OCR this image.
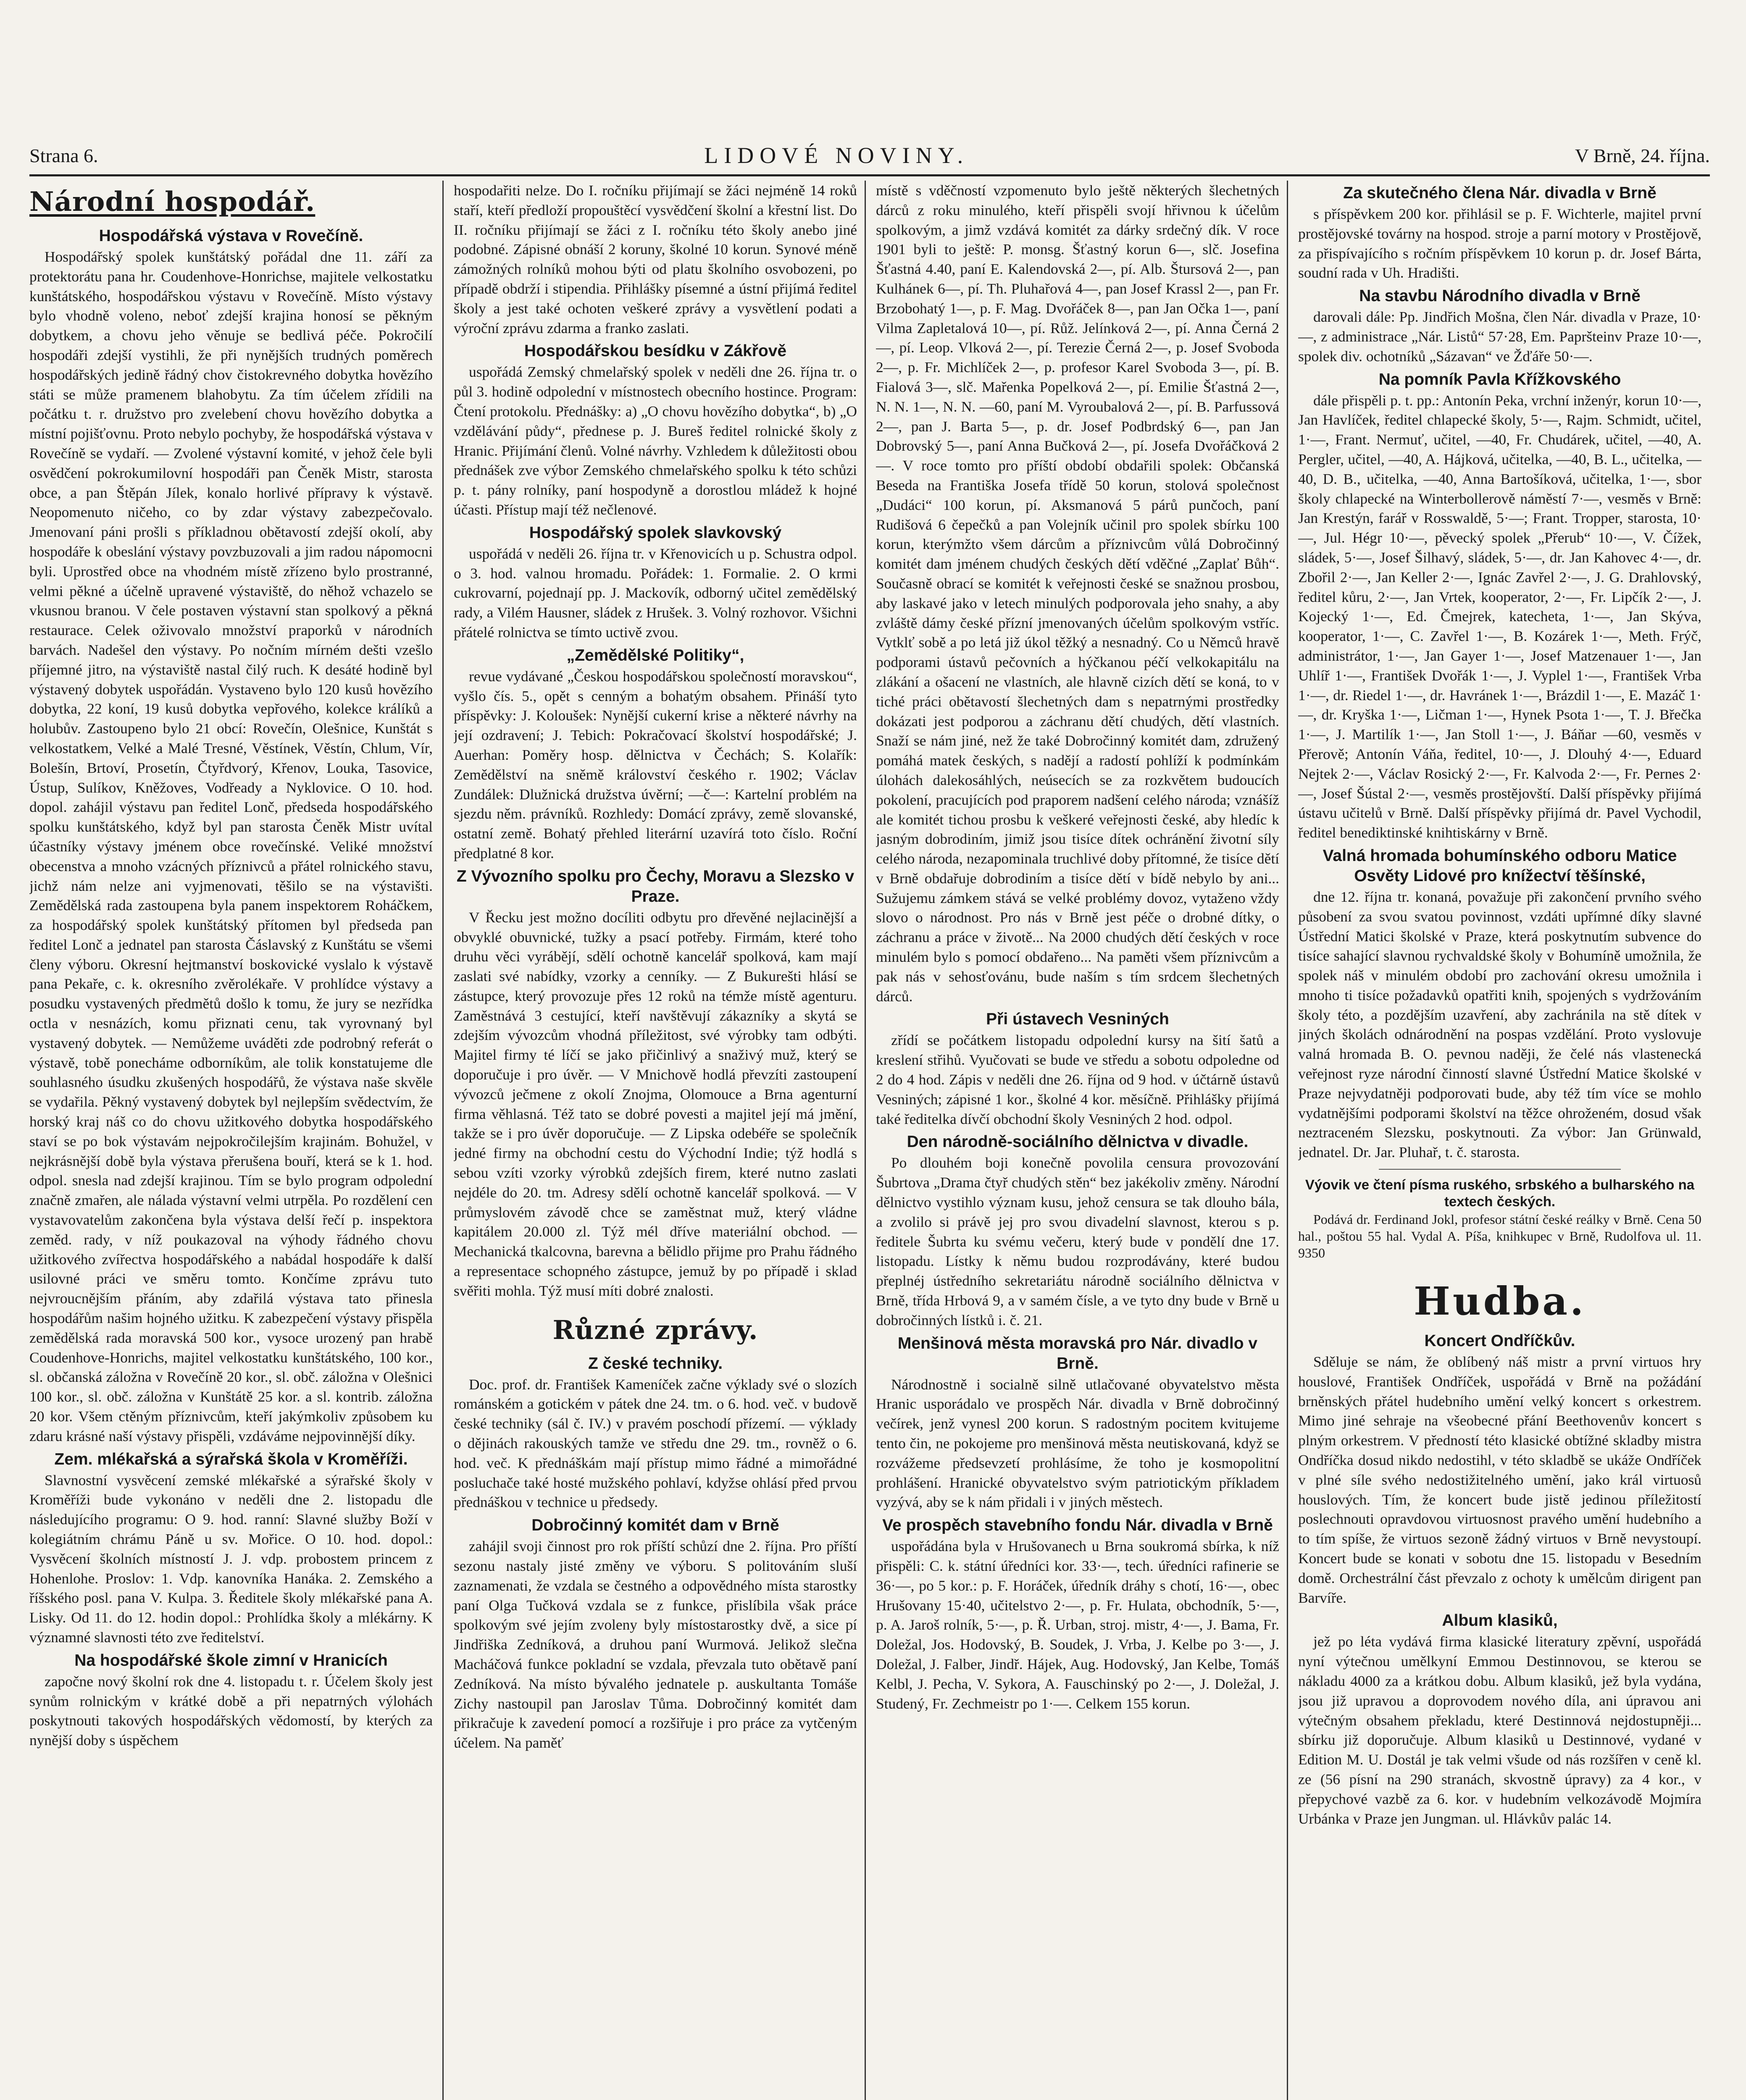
Strana 6.	LIDOVÉ NOVINY.	V Brně, 24. října.
Národní hospodář.
Hospodářská výstava v Rovečíně.

Hospodářský spolek kunštátský pořádal dne 11. září za protektorátu pana hr. Coudenhove-Honrichse, majitele velkostatku kunštátského, hospodářskou výstavu v Rovečíně. Místo výstavy bylo vhodně voleno, neboť zdejší krajina honosí se pěkným dobytkem, a chovu jeho věnuje se bedlivá péče. Pokročilí hospodáři zdejší vystihli, že při nynějších trudných poměrech hospodářských jedině řádný chov čistokrevného dobytka hovězího státi se může pramenem blahobytu. Za tím účelem zřídili na počátku t. r. družstvo pro zvelebení chovu hovězího dobytka a místní pojišťovnu. Proto nebylo pochyby, že hospodářská výstava v Rovečíně se vydaří. — Zvolené výstavní komité, v jehož čele byli osvědčení pokrokumilovní hospodáři pan Čeněk Mistr, starosta obce, a pan Štěpán Jílek, konalo horlivé přípravy k výstavě. Neopomenuto ničeho, co by zdar výstavy zabezpečovalo. Jmenovaní páni prošli s příkladnou obětavostí zdejší okolí, aby hospodáře k obeslání výstavy povzbuzovali a jim radou nápomocni byli. Uprostřed obce na vhodném místě zřízeno bylo prostranné, velmi pěkné a účelně upravené výstaviště, do něhož vchazelo se vkusnou branou. V čele postaven výstavní stan spolkový a pěkná restaurace. Celek oživovalo množství praporků v národních barvách. Nadešel den výstavy. Po nočním mírném dešti vzešlo příjemné jitro, na výstaviště nastal čilý ruch. K desáté hodině byl výstavený dobytek uspořádán. Vystaveno bylo 120 kusů hovězího dobytka, 22 koní, 19 kusů dobytka vepřového, kolekce králíků a holubův. Zastoupeno bylo 21 obcí: Rovečín, Olešnice, Kunštát s velkostatkem, Velké a Malé Tresné, Věstínek, Věstín, Chlum, Vír, Bolešín, Brtoví, Prosetín, Čtyřdvorý, Křenov, Louka, Tasovice, Ústup, Sulíkov, Kněžoves, Vodřeady a Nyklovice. O 10. hod. dopol. zahájil výstavu pan ředitel Lonč, předseda hospodářského spolku kunštátského, když byl pan starosta Čeněk Mistr uvítal účastníky výstavy jménem obce rovečínské. Veliké množství obecenstva a mnoho vzácných příznivců a přátel rolnického stavu, jichž nám nelze ani vyjmenovati, těšilo se na výstavišti. Zemědělská rada zastoupena byla panem inspektorem Roháčkem, za hospodářský spolek kunštátský přítomen byl předseda pan ředitel Lonč a jednatel pan starosta Čáslavský z Kunštátu se všemi členy výboru. Okresní hejtmanství boskovické vyslalo k výstavě pana Pekaře, c. k. okresního zvěrolékaře. V prohlídce výstavy a posudku vystavených předmětů došlo k tomu, že jury se nezřídka octla v nesnázích, komu přiznati cenu, tak vyrovnaný byl vystavený dobytek. — Nemůžeme uváděti zde podrobný referát o výstavě, tobě ponecháme odborníkům, ale tolik konstatujeme dle souhlasného úsudku zkušených hospodářů, že výstava naše skvěle se vydařila. Pěkný vystavený dobytek byl nejlepším svědectvím, že horský kraj náš co do chovu užitkového dobytka hospodářského staví se po bok výstavám nejpokročilejším krajinám. Bohužel, v nejkrásnější době byla výstava přerušena bouří, která se k 1. hod. odpol. snesla nad zdejší krajinou. Tím se bylo program odpolední značně zmařen, ale nálada výstavní velmi utrpěla. Po rozdělení cen vystavovatelům zakončena byla výstava delší řečí p. inspektora zeměd. rady, v níž poukazoval na výhody řádného chovu užitkového zvířectva hospodářského a nabádal hospodáře k další usilovné práci ve směru tomto. Končíme zprávu tuto nejvroucnějším přáním, aby zdařilá výstava tato přinesla hospodářům našim hojného užitku. K zabezpečení výstavy přispěla zemědělská rada moravská 500 kor., vysoce urozený pan hrabě Coudenhove-Honrichs, majitel velkostatku kunštátského, 100 kor., sl. občanská záložna v Rovečíně 20 kor., sl. obč. záložna v Olešnici 100 kor., sl. obč. záložna v Kunštátě 25 kor. a sl. kontrib. záložna 20 kor. Všem ctěným příznivcům, kteří jakýmkoliv způsobem ku zdaru krásné naší výstavy přispěli, vzdáváme nejpovinnější díky.

Zem. mlékařská a sýrařská škola v Kroměříži.

Slavnostní vysvěcení zemské mlékařské a sýrařské školy v Kroměříži bude vykonáno v neděli dne 2. listopadu dle následujícího programu: O 9. hod. ranní: Slavné služby Boží v kolegiátním chrámu Páně u sv. Mořice. O 10. hod. dopol.: Vysvěcení školních místností J. J. vdp. probostem princem z Hohenlohe. Proslov: 1. Vdp. kanovníka Hanáka. 2. Zemského a říšského posl. pana V. Kulpa. 3. Ředitele školy mlékařské pana A. Lisky. Od 11. do 12. hodin dopol.: Prohlídka školy a mlékárny. K významné slavnosti této zve ředitelství.

Na hospodářské škole zimní v Hranicích

započne nový školní rok dne 4. listopadu t. r. Účelem školy jest synům rolnickým v krátké době a při nepatrných výlohách poskytnouti takových hospodářských vědomostí, by kterých za nynější doby s úspěchem

hospodařiti nelze. Do I. ročníku přijímají se žáci nejméně 14 roků staří, kteří předloží propouštěcí vysvědčení školní a křestní list. Do II. ročníku přijímají se žáci z I. ročníku této školy anebo jiné podobné. Zápisné obnáší 2 koruny, školné 10 korun. Synové méně zámožných rolníků mohou býti od platu školního osvobozeni, po případě obdrží i stipendia. Přihlášky písemné a ústní přijímá ředitel školy a jest také ochoten veškeré zprávy a vysvětlení podati a výroční zprávu zdarma a franko zaslati.

Hospodářskou besídku v Zákřově

uspořádá Zemský chmelařský spolek v neděli dne 26. října tr. o půl 3. hodině odpolední v místnostech obecního hostince. Program: Čtení protokolu. Přednášky: a) „O chovu hovězího dobytka“, b) „O vzdělávání půdy“, přednese p. J. Bureš ředitel rolnické školy z Hranic. Přijímání členů. Volné návrhy. Vzhledem k důležitosti obou přednášek zve výbor Zemského chmelařského spolku k této schůzi p. t. pány rolníky, paní hospodyně a dorostlou mládež k hojné účasti. Přístup mají též nečlenové.

Hospodářský spolek slavkovský

uspořádá v neděli 26. října tr. v Křenovicích u p. Schustra odpol. o 3. hod. valnou hromadu. Pořádek: 1. Formalie. 2. O krmi cukrovarní, pojednají pp. J. Mackovík, odborný učitel zemědělský rady, a Vilém Hausner, sládek z Hrušek. 3. Volný rozhovor. Všichni přátelé rolnictva se tímto uctivě zvou.

„Zemědělské Politiky“,

revue vydávané „Českou hospodářskou společností moravskou“, vyšlo čís. 5., opět s cenným a bohatým obsahem. Přináší tyto příspěvky: J. Koloušek: Nynější cukerní krise a některé návrhy na její ozdravení; J. Tebich: Pokračovací školství hospodářské; J. Auerhan: Poměry hosp. dělnictva v Čechách; S. Kolařík: Zemědělství na sněmě království českého r. 1902; Václav Zundálek: Dlužnická družstva úvěrní; —č—: Kartelní problém na sjezdu něm. právníků. Rozhledy: Domácí zprávy, země slovanské, ostatní země. Bohatý přehled literární uzavírá toto číslo. Roční předplatné 8 kor.

Z Vývozního spolku pro Čechy, Moravu a Slezsko v Praze.

V Řecku jest možno docíliti odbytu pro dřevěné nejlacinější a obvyklé obuvnické, tužky a psací potřeby. Firmám, které toho druhu věci vyrábějí, sdělí ochotně kancelář spolková, kam mají zaslati své nabídky, vzorky a cenníky. — Z Bukurešti hlásí se zástupce, který provozuje přes 12 roků na témže místě agenturu. Zaměstnává 3 cestující, kteří navštěvují zákazníky a skytá se zdejším vývozcům vhodná příležitost, své výrobky tam odbýti. Majitel firmy té líčí se jako přičinlivý a snaživý muž, který se doporučuje i pro úvěr. — V Mnichově hodlá převzíti zastoupení vývozců ječmene z okolí Znojma, Olomouce a Brna agenturní firma věhlasná. Též tato se dobré povesti a majitel její má jmění, takže se i pro úvěr doporučuje. — Z Lipska odebéře se společník jedné firmy na obchodní cestu do Východní Indie; týž hodlá s sebou vzíti vzorky výrobků zdejších firem, které nutno zaslati nejdéle do 20. tm. Adresy sdělí ochotně kancelář spolková. — V průmyslovém závodě chce se zaměstnat muž, který vládne kapitálem 20.000 zl. Týž mél dříve materiální obchod. — Mechanická tkalcovna, barevna a bělidlo přijme pro Prahu řádného a representace schopného zástupce, jemuž by po případě i sklad svěřiti mohla. Týž musí míti dobré znalosti.

Různé zprávy.
Z české techniky.

Doc. prof. dr. František Kameníček začne výklady své o slozích románském a gotickém v pátek dne 24. tm. o 6. hod. več. v budově české techniky (sál č. IV.) v pravém poschodí přízemí. — výklady o dějinách rakouských tamže ve středu dne 29. tm., rovněž o 6. hod. več. K přednáškám mají přístup mimo řádné a mimořádné posluchače také hosté mužského pohlaví, kdyžse ohlásí před prvou přednáškou v technice u předsedy.

Dobročinný komitét dam v Brně

zahájil svoji činnost pro rok příští schůzí dne 2. října. Pro příští sezonu nastaly jisté změny ve výboru. S politováním sluší zaznamenati, že vzdala se čestného a odpovědného místa starostky paní Olga Tučková vzdala se z funkce, přislíbila však práce spolkovým své jejím zvoleny byly místostarostky dvě, a sice pí Jindřiška Zedníková, a druhou paní Wurmová. Jelikož slečna Macháčová funkce pokladní se vzdala, převzala tuto obětavě paní Zedníková. Na místo bývalého jednatele p. auskultanta Tomáše Zichy nastoupil pan Jaroslav Tůma. Dobročinný komitét dam přikračuje k zavedení pomocí a rozšiřuje i pro práce za vytčeným účelem. Na paměť

místě s vděčností vzpomenuto bylo ještě některých šlechetných dárců z roku minulého, kteří přispěli svojí hřivnou k účelům spolkovým, a jimž vzdává komitét za dárky srdečný dík. V roce 1901 byli to ještě: P. monsg. Šťastný korun 6—, slč. Josefina Šťastná 4.40, paní E. Kalendovská 2—, pí. Alb. Štursová 2—, pan Kulhánek 6—, pí. Th. Pluhařová 4—, pan Josef Krassl 2—, pan Fr. Brzobohatý 1—, p. F. Mag. Dvořáček 8—, pan Jan Očka 1—, paní Vilma Zapletalová 10—, pí. Růž. Jelínková 2—, pí. Anna Černá 2—, pí. Leop. Vlková 2—, pí. Terezie Černá 2—, p. Josef Svoboda 2—, p. Fr. Michlíček 2—, p. profesor Karel Svoboda 3—, pí. B. Fialová 3—, slč. Mařenka Popelková 2—, pí. Emilie Šťastná 2—, N. N. 1—, N. N. —60, paní M. Vyroubalová 2—, pí. B. Parfussová 2—, pan J. Barta 5—, p. dr. Josef Podbrdský 6—, pan Jan Dobrovský 5—, paní Anna Bučková 2—, pí. Josefa Dvořáčková 2—. V roce tomto pro příští období obdařili spolek: Občanská Beseda na Františka Josefa třídě 50 korun, stolová společnost „Dudáci“ 100 korun, pí. Aksmanová 5 párů punčoch, paní Rudišová 6 čepečků a pan Volejník učinil pro spolek sbírku 100 korun, kterýmžto všem dárcům a příznivcům vůlá Dobročinný komitét dam jménem chudých českých dětí vděčné „Zaplať Bůh“. Současně obrací se komitét k veřejnosti české se snažnou prosbou, aby laskavé jako v letech minulých podporovala jeho snahy, a aby zvláště dámy české přízní jmenovaných účelům spolkovým vstříc. Vytklť sobě a po letá již úkol těžký a nesnadný. Co u Němců hravě podporami ústavů pečovních a hýčkanou péčí velkokapitálu na zlákání a ošacení ne vlastních, ale hlavně cizích dětí se koná, to v tiché práci obětavostí šlechetných dam s nepatrnými prostředky dokázati jest podporou a záchranu dětí chudých, dětí vlastních. Snaží se nám jiné, než že také Dobročinný komitét dam, združený pomáhá matek českých, s nadějí a radostí pohlíží k podmínkám úlohách dalekosáhlých, neúsecích se za rozkvětem budoucích pokolení, pracujících pod praporem nadšení celého národa; vznášíž ale komitét tichou prosbu k veškeré veřejnosti české, aby hledíc k jasným dobrodiním, jimiž jsou tisíce dítek ochránění životní síly celého národa, nezapominala truchlivé doby přítomné, že tisíce dětí v Brně obdařuje dobrodiním a tisíce dětí v bídě nebylo by ani... Sužujemu zámkem stává se velké problémy dovoz, vytaženo vždy slovo o národnost. Pro nás v Brně jest péče o drobné dítky, o záchranu a práce v životě... Na 2000 chudých dětí českých v roce minulém bylo s pomocí obdařeno... Na paměti všem příznivcům a pak nás v sehosťovánu, bude naším s tím srdcem šlechetných dárců.

Při ústavech Vesniných

zřídí se počátkem listopadu odpolední kursy na šití šatů a kreslení střihů. Vyučovati se bude ve středu a sobotu odpoledne od 2 do 4 hod. Zápis v neděli dne 26. října od 9 hod. v účtárně ústavů Vesniných; zápisné 1 kor., školné 4 kor. měsíčně. Přihlášky přijímá také ředitelka dívčí obchodní školy Vesniných 2 hod. odpol.

Den národně-sociálního dělnictva v divadle.

Po dlouhém boji konečně povolila censura provozování Šubrtova „Drama čtyř chudých stěn“ bez jakékoliv změny. Národní dělnictvo vystihlo význam kusu, jehož censura se tak dlouho bála, a zvolilo si právě jej pro svou divadelní slavnost, kterou s p. ředitele Šubrta ku svému večeru, který bude v pondělí dne 17. listopadu. Lístky k němu budou rozprodávány, které budou přeplnéj ústředního sekretariátu národně sociálního dělnictva v Brně, třída Hrbová 9, a v samém čísle, a ve tyto dny bude v Brně u dobročinných lístků i. č. 21.

Menšinová města moravská pro Nár. divadlo v Brně.

Národnostně i socialně silně utlačované obyvatelstvo města Hranic usporádalo ve prospěch Nár. divadla v Brně dobročinný večírek, jenž vynesl 200 korun. S radostným pocitem kvitujeme tento čin, ne pokojeme pro menšinová města neutiskovaná, když se rozvážeme předsevzetí prohlásíme, že toho je kosmopolitní prohlášení. Hranické obyvatelstvo svým patriotickým příkladem vyzývá, aby se k nám přidali i v jiných městech.

Ve prospěch stavebního fondu Nár. divadla v Brně

uspořádána byla v Hrušovanech u Brna soukromá sbírka, k níž přispěli: C. k. státní úředníci kor. 33·—, tech. úředníci rafinerie se 36·—, po 5 kor.: p. F. Horáček, úředník dráhy s chotí, 16·—, obec Hrušovany 15·40, učitelstvo 2·—, p. Fr. Hulata, obchodník, 5·—, p. A. Jaroš rolník, 5·—, p. Ř. Urban, stroj. mistr, 4·—, J. Bama, Fr. Doležal, Jos. Hodovský, B. Soudek, J. Vrba, J. Kelbe po 3·—, J. Doležal, J. Falber, Jindř. Hájek, Aug. Hodovský, Jan Kelbe, Tomáš Kelbl, J. Pecha, V. Sykora, A. Fauschinský po 2·—, J. Doležal, J. Studený, Fr. Zechmeistr po 1·—. Celkem 155 korun.

Za skutečného člena Nár. divadla v Brně

s příspěvkem 200 kor. přihlásil se p. F. Wichterle, majitel první prostějovské továrny na hospod. stroje a parní motory v Prostějově, za přispívajícího s ročním příspěvkem 10 korun p. dr. Josef Bárta, soudní rada v Uh. Hradišti.

Na stavbu Národního divadla v Brně

darovali dále: Pp. Jindřich Mošna, člen Nár. divadla v Praze, 10·—, z administrace „Nár. Listů“ 57·28, Em. Papršteinv Praze 10·—, spolek div. ochotníků „Sázavan“ ve Žďáře 50·—.

Na pomník Pavla Křížkovského

dále přispěli p. t. pp.: Antonín Peka, vrchní inženýr, korun 10·—, Jan Havlíček, ředitel chlapecké školy, 5·—, Rajm. Schmidt, učitel, 1·—, Frant. Nermuť, učitel, —40, Fr. Chudárek, učitel, —40, A. Pergler, učitel, —40, A. Hájková, učitelka, —40, B. L., učitelka, —40, D. B., učitelka, —40, Anna Bartošíková, učitelka, 1·—, sbor školy chlapecké na Winterbollerově náměstí 7·—, vesměs v Brně: Jan Krestýn, farář v Rosswaldě, 5·—; Frant. Tropper, starosta, 10·—, Jul. Hégr 10·—, pěvecký spolek „Přerub“ 10·—, V. Čížek, sládek, 5·—, Josef Šilhavý, sládek, 5·—, dr. Jan Kahovec 4·—, dr. Zbořil 2·—, Jan Keller 2·—, Ignác Zavřel 2·—, J. G. Drahlovský, ředitel kůru, 2·—, Jan Vrtek, kooperator, 2·—, Fr. Lipčík 2·—, J. Kojecký 1·—, Ed. Čmejrek, katecheta, 1·—, Jan Skýva, kooperator, 1·—, C. Zavřel 1·—, B. Kozárek 1·—, Meth. Frýč, administrátor, 1·—, Jan Gayer 1·—, Josef Matzenauer 1·—, Jan Uhlíř 1·—, František Dvořák 1·—, J. Vyplel 1·—, František Vrba 1·—, dr. Riedel 1·—, dr. Havránek 1·—, Brázdil 1·—, E. Mazáč 1·—, dr. Kryška 1·—, Ličman 1·—, Hynek Psota 1·—, T. J. Břečka 1·—, J. Martilík 1·—, Jan Stoll 1·—, J. Báňar —60, vesměs v Přerově; Antonín Váňa, ředitel, 10·—, J. Dlouhý 4·—, Eduard Nejtek 2·—, Václav Rosický 2·—, Fr. Kalvoda 2·—, Fr. Pernes 2·—, Josef Šústal 2·—, vesměs prostějovští. Další příspěvky přijímá ústavu učitelů v Brně. Další příspěvky přijímá dr. Pavel Vychodil, ředitel benediktinské knihtiskárny v Brně.

Valná hromada bohumínského odboru Matice Osvěty Lidové pro knížectví těšínské,

dne 12. října tr. konaná, považuje při zakončení prvního svého působení za svou svatou povinnost, vzdáti upřímné díky slavné Ústřední Matici školské v Praze, která poskytnutím subvence do tisíce sahající slavnou rychvaldské školy v Bohumíně umožnila, že spolek náš v minulém období pro zachování okresu umožnila i mnoho ti tisíce požadavků opatřiti knih, spojených s vydržováním školy této, a pozdějším uzavření, aby zachránila na stě dítek v jiných školách odnárodnění na pospas vzdělání. Proto vyslovuje valná hromada B. O. pevnou naději, že čelé nás vlastenecká veřejnost ryze národní činností slavné Ústřední Matice školské v Praze nejvydatněji podporovati bude, aby též tím více se mohlo vydatnějšími podporami školství na těžce ohroženém, dosud však neztraceném Slezsku, poskytnouti. Za výbor: Jan Grünwald, jednatel. Dr. Jar. Pluhař, t. č. starosta.

Výovik ve čtení písma ruského, srbského a bulharského na textech českých.

Podává dr. Ferdinand Jokl, profesor státní české reálky v Brně. Cena 50 hal., poštou 55 hal. Vydal A. Píša, knihkupec v Brně, Rudolfova ul. 11. 9350

Hudba.
Koncert Ondříčkův.

Sděluje se nám, že oblíbený náš mistr a první virtuos hry houslové, František Ondříček, uspořádá v Brně na požádání brněnských přátel hudebního umění velký koncert s orkestrem. Mimo jiné sehraje na všeobecné přání Beethovenův koncert s plným orkestrem. V předností této klasické obtížné skladby mistra Ondříčka dosud nikdo nedostihl, v této skladbě se ukáže Ondříček v plné síle svého nedostižitelného umění, jako král virtuosů houslových. Tím, že koncert bude jistě jedinou příležitostí poslechnouti opravdovou virtuosnost pravého umění hudebního a to tím spíše, že virtuos sezoně žádný virtuos v Brně nevystoupí. Koncert bude se konati v sobotu dne 15. listopadu v Besedním domě. Orchestrální část převzalo z ochoty k umělcům dirigent pan Barvíře.

Album klasiků,

jež po léta vydává firma klasické literatury zpěvní, uspořádá nyní výtečnou umělkyní Emmou Destinnovou, se kterou se nákladu 4000 za a krátkou dobu. Album klasiků, jež byla vydána, jsou již upravou a doprovodem nového díla, ani úpravou ani výtečným obsahem překladu, které Destinnová nejdostupněji... sbírku již doporučuje. Album klasiků u Destinnové, vydané v Edition M. U. Dostál je tak velmi všude od nás rozšířen v ceně kl. ze (56 písní na 290 stranách, skvostně úpravy) za 4 kor., v přepychové vazbě za 6. kor. v hudebním velkozávodě Mojmíra Urbánka v Praze jen Jungman. ul. Hlávkův palác 14.
